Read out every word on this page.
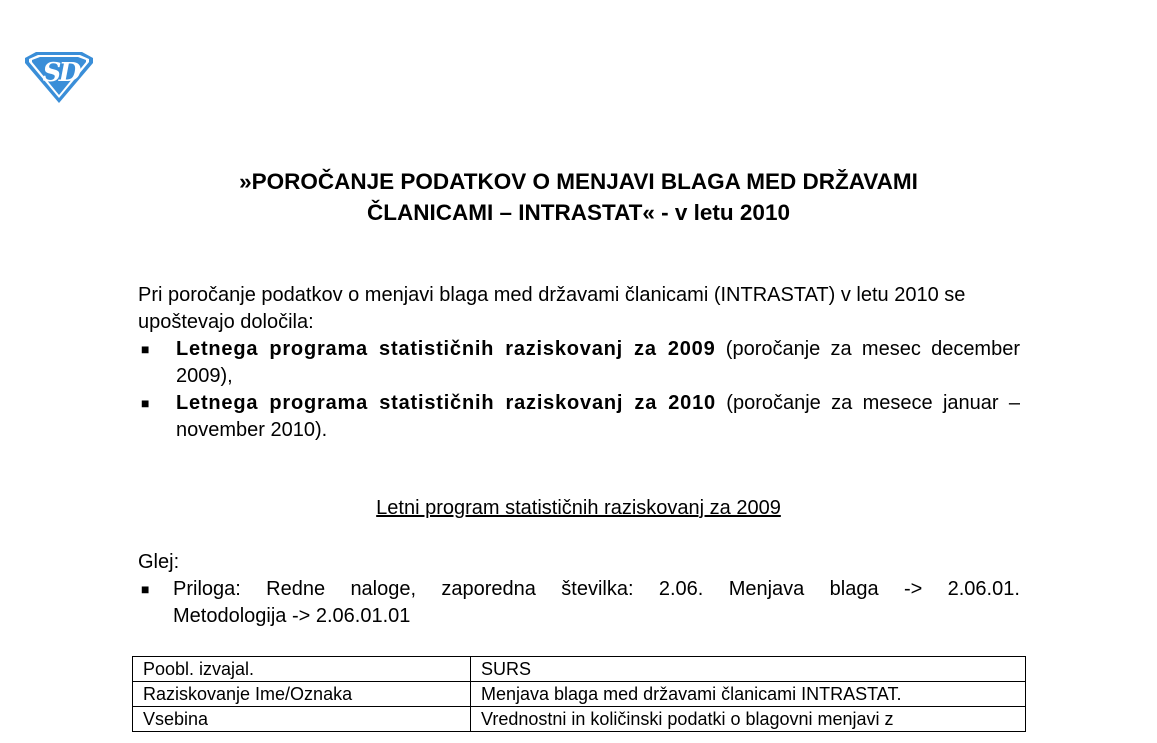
S
D
»POROČANJE PODATKOV O MENJAVI BLAGA MED DRŽAVAMI
ČLANICAMI – INTRASTAT« - v letu 2010
Pri poročanje podatkov o menjavi blaga med državami članicami (INTRASTAT) v letu 2010 se upoštevajo določila:
■ Letnega programa statističnih raziskovanj za 2009 (poročanje za mesec december 2009),
■ Letnega programa statističnih raziskovanj za 2010 (poročanje za mesece januar – november 2010).
Letni program statističnih raziskovanj za 2009
Glej:
■ Priloga: Redne naloge, zaporedna številka: 2.06. Menjava blaga -> 2.06.01.
Metodologija -> 2.06.01.01
Poobl. izvajal.	SURS
Raziskovanje Ime/Oznaka	Menjava blaga med državami članicami INTRASTAT.
Vsebina	Vrednostni in količinski podatki o blagovni menjavi z
